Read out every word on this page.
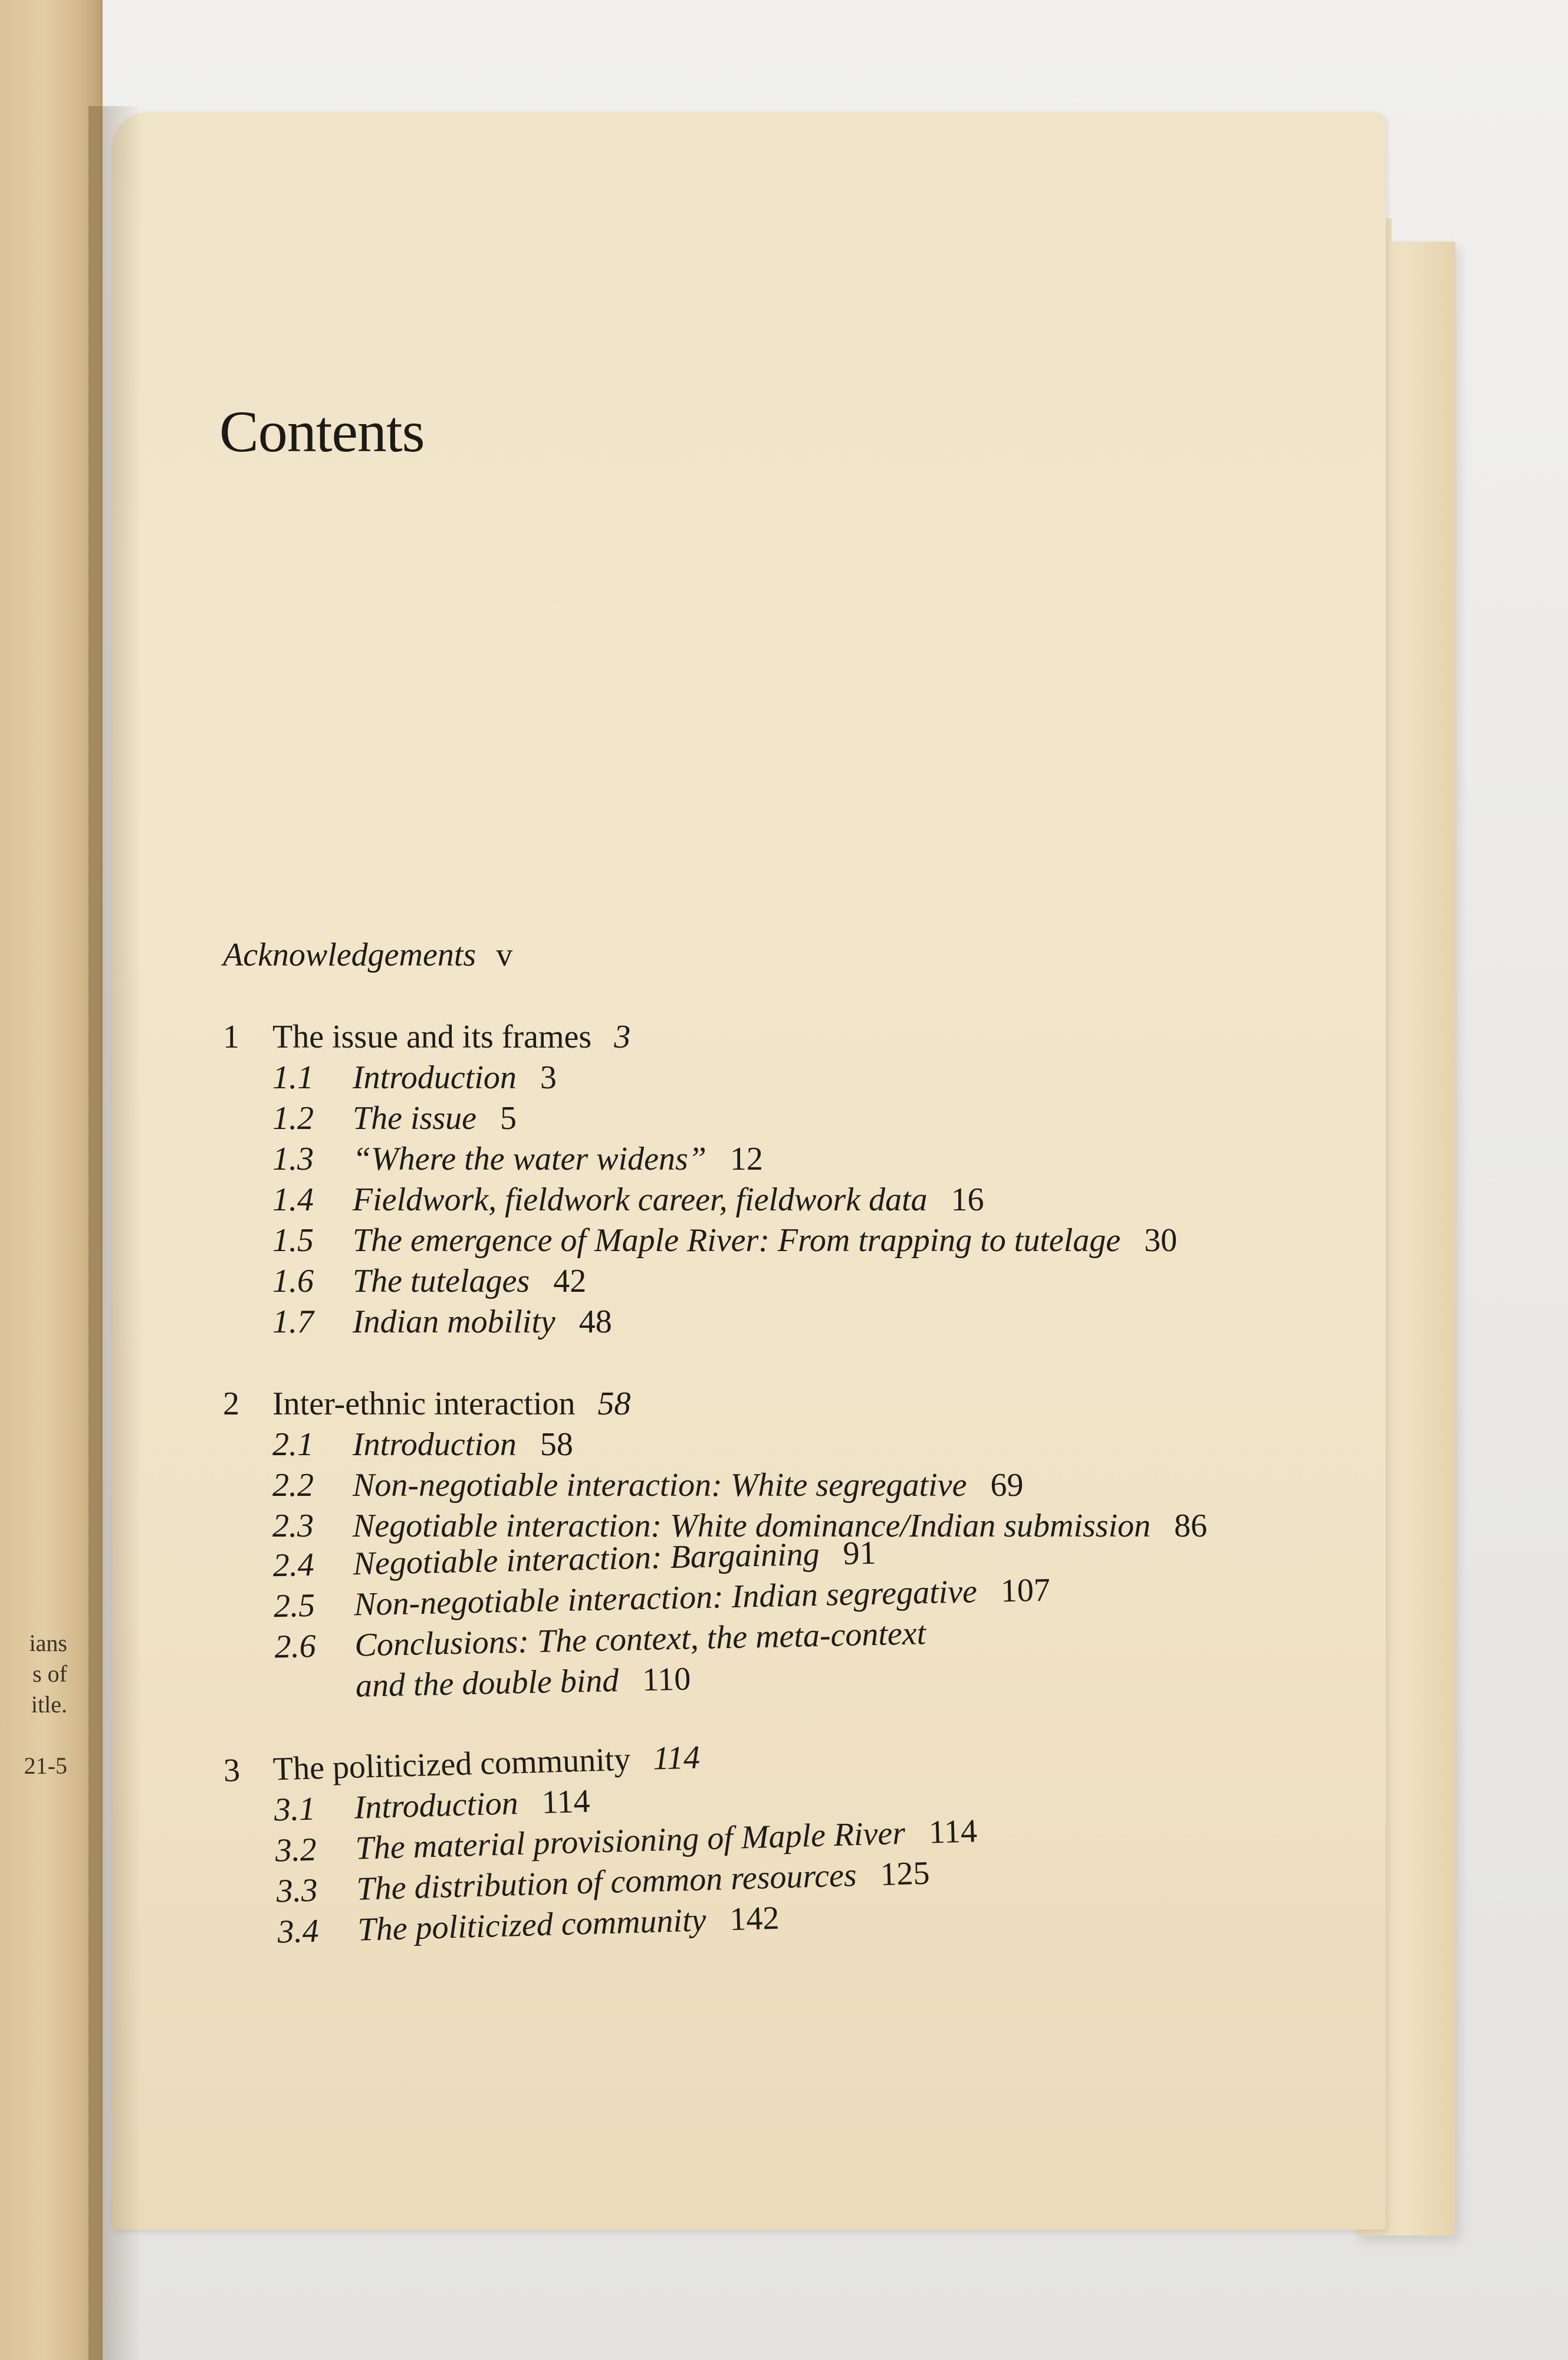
ians
s of
itle.

21-5
Contents
Acknowledgements v
1 The issue and its frames 3
1.1 Introduction 3
1.2 The issue 5
1.3 “Where the water widens” 12
1.4 Fieldwork, fieldwork career, fieldwork data 16
1.5 The emergence of Maple River: From trapping to tutelage 30
1.6 The tutelages 42
1.7 Indian mobility 48
2 Inter-ethnic interaction 58
2.1 Introduction 58
2.2 Non-negotiable interaction: White segregative 69
2.3 Negotiable interaction: White dominance/Indian submission 86
2.4 Negotiable interaction: Bargaining 91
2.5 Non-negotiable interaction: Indian segregative 107
2.6 Conclusions: The context, the meta-context
and the double bind 110
3 The politicized community 114
3.1 Introduction 114
3.2 The material provisioning of Maple River 114
3.3 The distribution of common resources 125
3.4 The politicized community 142
